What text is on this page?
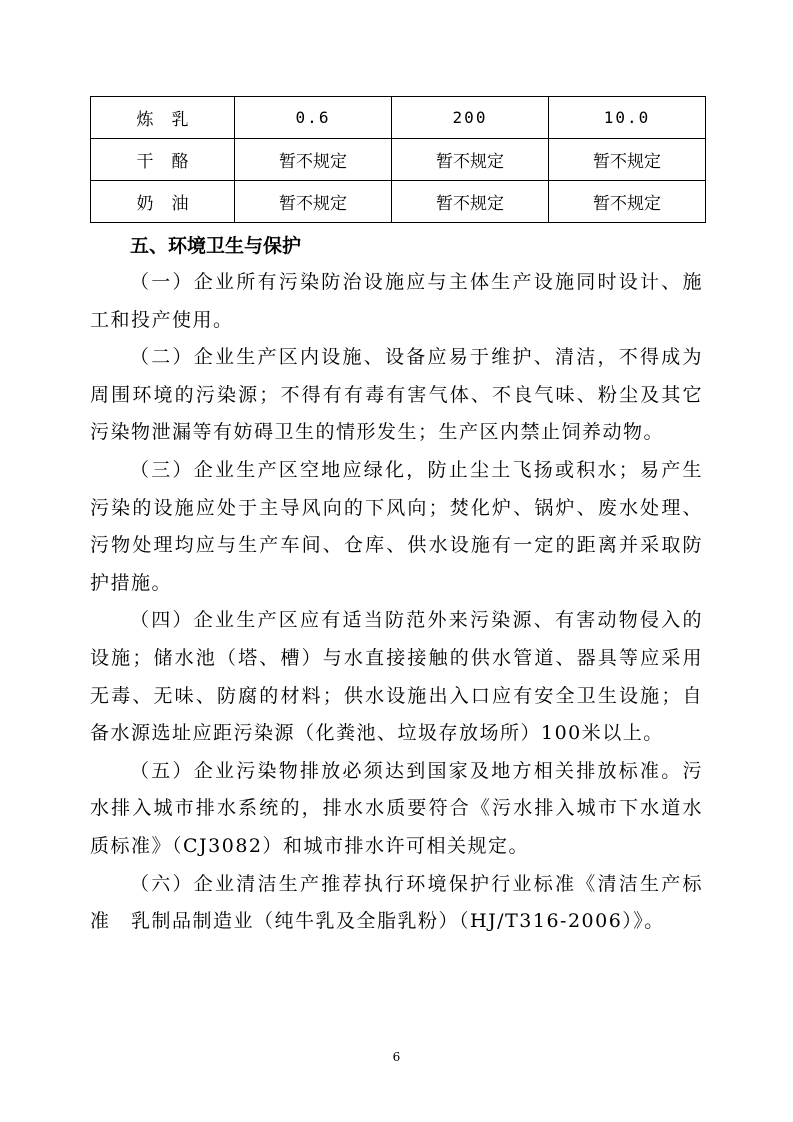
炼乳	0.6	200	10.0
干酪	暂不规定	暂不规定	暂不规定
奶油	暂不规定	暂不规定	暂不规定
五、环境卫生与保护

（一）企业所有污染防治设施应与主体生产设施同时设计、施工和投产使用。

（二）企业生产区内设施、设备应易于维护、清洁，不得成为周围环境的污染源；不得有有毒有害气体、不良气味、粉尘及其它污染物泄漏等有妨碍卫生的情形发生；生产区内禁止饲养动物。

（三）企业生产区空地应绿化，防止尘土飞扬或积水；易产生污染的设施应处于主导风向的下风向；焚化炉、锅炉、废水处理、污物处理均应与生产车间、仓库、供水设施有一定的距离并采取防护措施。

（四）企业生产区应有适当防范外来污染源、有害动物侵入的设施；储水池（塔、槽）与水直接接触的供水管道、器具等应采用无毒、无味、防腐的材料；供水设施出入口应有安全卫生设施；自备水源选址应距污染源（化粪池、垃圾存放场所）100米以上。

（五）企业污染物排放必须达到国家及地方相关排放标准。污水排入城市排水系统的，排水水质要符合《污水排入城市下水道水质标准》（CJ3082）和城市排水许可相关规定。

（六）企业清洁生产推荐执行环境保护行业标准《清洁生产标准　乳制品制造业（纯牛乳及全脂乳粉）（HJ/T316-2006）》。

6
